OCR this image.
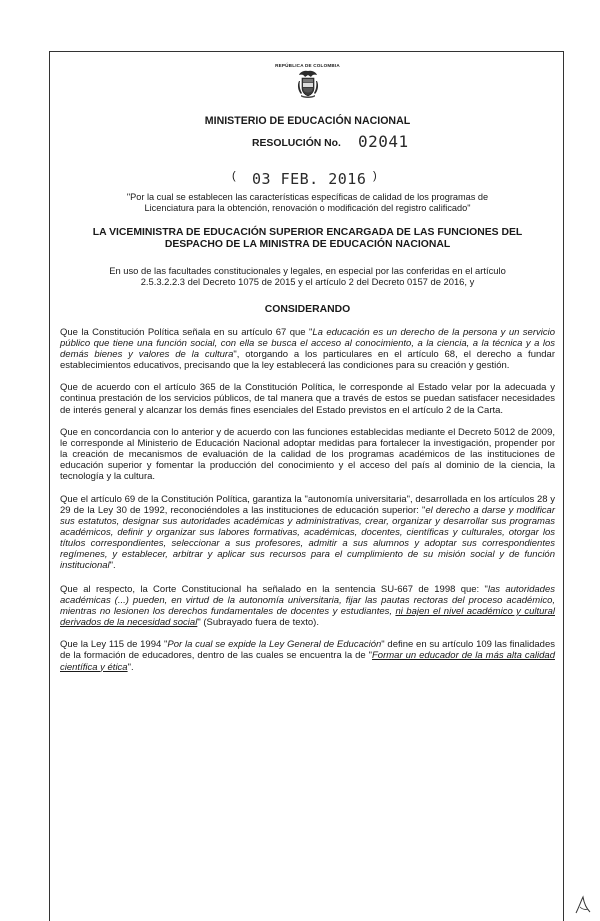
REPÚBLICA DE COLOMBIA
MINISTERIO DE EDUCACIÓN NACIONAL
RESOLUCIÓN No. 02041
( 03 FEB. 2016 )
"Por la cual se establecen las características específicas de calidad de los programas de
Licenciatura para la obtención, renovación o modificación del registro calificado"
LA VICEMINISTRA DE EDUCACIÓN SUPERIOR ENCARGADA DE LAS FUNCIONES DEL
DESPACHO DE LA MINISTRA DE EDUCACIÓN NACIONAL
En uso de las facultades constitucionales y legales, en especial por las conferidas en el artículo
2.5.3.2.2.3 del Decreto 1075 de 2015 y el artículo 2 del Decreto 0157 de 2016, y
CONSIDERANDO

Que la Constitución Política señala en su artículo 67 que "La educación es un derecho de la persona y un servicio público que tiene una función social, con ella se busca el acceso al conocimiento, a la ciencia, a la técnica y a los demás bienes y valores de la cultura", otorgando a los particulares en el artículo 68, el derecho a fundar establecimientos educativos, precisando que la ley establecerá las condiciones para su creación y gestión.

Que de acuerdo con el artículo 365 de la Constitución Política, le corresponde al Estado velar por la adecuada y continua prestación de los servicios públicos, de tal manera que a través de estos se puedan satisfacer necesidades de interés general y alcanzar los demás fines esenciales del Estado previstos en el artículo 2 de la Carta.

Que en concordancia con lo anterior y de acuerdo con las funciones establecidas mediante el Decreto 5012 de 2009, le corresponde al Ministerio de Educación Nacional adoptar medidas para fortalecer la investigación, propender por la creación de mecanismos de evaluación de la calidad de los programas académicos de las instituciones de educación superior y fomentar la producción del conocimiento y el acceso del país al dominio de la ciencia, la tecnología y la cultura.

Que el artículo 69 de la Constitución Política, garantiza la "autonomía universitaria", desarrollada en los artículos 28 y 29 de la Ley 30 de 1992, reconociéndoles a las instituciones de educación superior: "el derecho a darse y modificar sus estatutos, designar sus autoridades académicas y administrativas, crear, organizar y desarrollar sus programas académicos, definir y organizar sus labores formativas, académicas, docentes, científicas y culturales, otorgar los títulos correspondientes, seleccionar a sus profesores, admitir a sus alumnos y adoptar sus correspondientes regímenes, y establecer, arbitrar y aplicar sus recursos para el cumplimiento de su misión social y de función institucional".

Que al respecto, la Corte Constitucional ha señalado en la sentencia SU-667 de 1998 que: "las autoridades académicas (...) pueden, en virtud de la autonomía universitaria, fijar las pautas rectoras del proceso académico, mientras no lesionen los derechos fundamentales de docentes y estudiantes, ni bajen el nivel académico y cultural derivados de la necesidad social" (Subrayado fuera de texto).

Que la Ley 115 de 1994 "Por la cual se expide la Ley General de Educación" define en su artículo 109 las finalidades de la formación de educadores, dentro de las cuales se encuentra la de "Formar un educador de la más alta calidad científica y ética".
